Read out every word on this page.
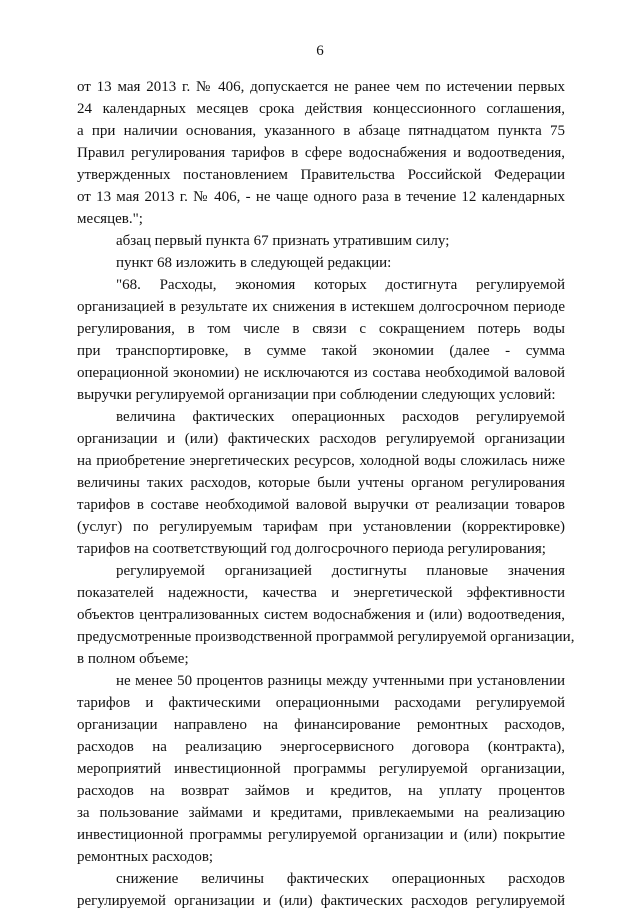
6
от 13 мая 2013 г. № 406, допускается не ранее чем по истечении первых
24 календарных месяцев срока действия концессионного соглашения,
а при наличии основания, указанного в абзаце пятнадцатом пункта 75
Правил регулирования тарифов в сфере водоснабжения и водоотведения,
утвержденных постановлением Правительства Российской Федерации
от 13 мая 2013 г. № 406, - не чаще одного раза в течение 12 календарных
месяцев.";
абзац первый пункта 67 признать утратившим силу;
пункт 68 изложить в следующей редакции:
"68. Расходы, экономия которых достигнута регулируемой
организацией в результате их снижения в истекшем долгосрочном периоде
регулирования, в том числе в связи с сокращением потерь воды
при транспортировке, в сумме такой экономии (далее - сумма
операционной экономии) не исключаются из состава необходимой валовой
выручки регулируемой организации при соблюдении следующих условий:
величина фактических операционных расходов регулируемой
организации и (или) фактических расходов регулируемой организации
на приобретение энергетических ресурсов, холодной воды сложилась ниже
величины таких расходов, которые были учтены органом регулирования
тарифов в составе необходимой валовой выручки от реализации товаров
(услуг) по регулируемым тарифам при установлении (корректировке)
тарифов на соответствующий год долгосрочного периода регулирования;
регулируемой организацией достигнуты плановые значения
показателей надежности, качества и энергетической эффективности
объектов централизованных систем водоснабжения и (или) водоотведения,
предусмотренные производственной программой регулируемой организации,
в полном объеме;
не менее 50 процентов разницы между учтенными при установлении
тарифов и фактическими операционными расходами регулируемой
организации направлено на финансирование ремонтных расходов,
расходов на реализацию энергосервисного договора (контракта),
мероприятий инвестиционной программы регулируемой организации,
расходов на возврат займов и кредитов, на уплату процентов
за пользование займами и кредитами, привлекаемыми на реализацию
инвестиционной программы регулируемой организации и (или) покрытие
ремонтных расходов;
снижение величины фактических операционных расходов
регулируемой организации и (или) фактических расходов регулируемой
